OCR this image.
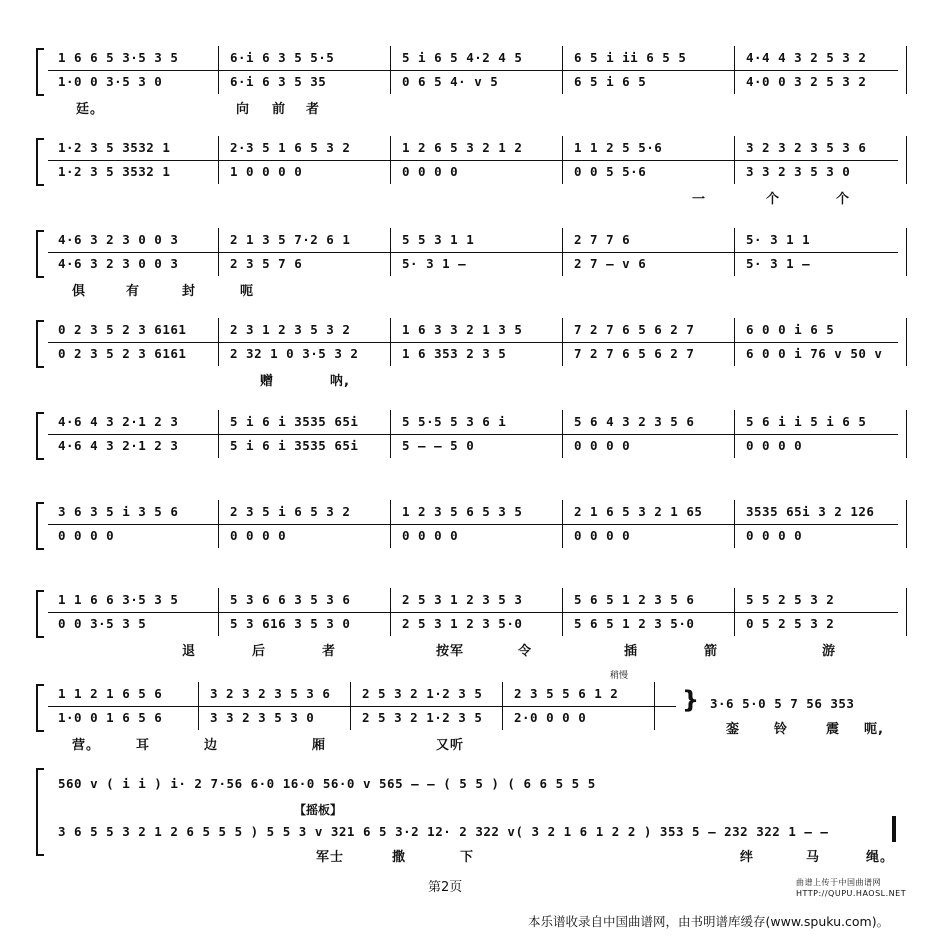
1 6 6 5 3·5 3 5	6·i 6 3 5 5·5	5 i 6 5 4·2 4 5	6 5 i ii 6 5 5	4·4 4 3 2 5 3 2
1·0 0 3·5 3 0	6·i 6 3 5 35	0 6 5 4· v 5	6 5 i 6 5	4·0 0 3 2 5 3 2
廷。	向 前 者
1·2 3 5 3532 1	2·3 5 1 6 5 3 2	1 2 6 5 3 2 1 2	1 1 2 5 5·6	3 2 3 2 3 5 3 6
1·2 3 5 3532 1	1 0 0 0 0	0 0 0 0	0 0 5 5·6	3 3 2 3 5 3 0
一	个	个
4·6 3 2 3 0 0 3	2 1 3 5 7·2 6 1	5 5 3 1 1	2 7 7 6	5· 3 1 1
4·6 3 2 3 0 0 3	2 3 5 7 6	5· 3 1 —	2 7 — v 6	5· 3 1 —
俱	有	封	呃
0 2 3 5 2 3 6161	2 3 1 2 3 5 3 2	1 6 3 3 2 1 3 5	7 2 7 6 5 6 2 7	6 0 0 i 6 5
0 2 3 5 2 3 6161	2 32 1 0 3·5 3 2	1 6 353 2 3 5	7 2 7 6 5 6 2 7	6 0 0 i 76 v 50 v
赠	呐,
4·6 4 3 2·1 2 3	5 i 6 i 3535 65i	5 5·5 5 3 6 i	5 6 4 3 2 3 5 6	5 6 i i 5 i 6 5
4·6 4 3 2·1 2 3	5 i 6 i 3535 65i	5 — — 5 0	0 0 0 0	0 0 0 0
3 6 3 5 i 3 5 6	2 3 5 i 6 5 3 2	1 2 3 5 6 5 3 5	2 1 6 5 3 2 1 65	3535 65i 3 2 126
0 0 0 0	0 0 0 0	0 0 0 0	0 0 0 0	0 0 0 0
1 1 6 6 3·5 3 5	5 3 6 6 3 5 3 6	2 5 3 1 2 3 5 3	5 6 5 1 2 3 5 6	5 5 2 5 3 2
0 0 3·5 3 5	5 3 616 3 5 3 0	2 5 3 1 2 3 5·0	5 6 5 1 2 3 5·0	0 5 2 5 3 2
退	后	者	按军	令	插	箭	游
1 1 2 1 6 5 6	3 2 3 2 3 5 3 6	2 5 3 2 1·2 3 5	2 3 5 5 6 1 2
1·0 0 1 6 5 6	3 3 2 3 5 3 0	2 5 3 2 1·2 3 5	2·0 0 0 0
营。	耳	边	厢	又听
稍慢
} 3·6 5·0 5 7 56 353
銮	铃	震 呃,
560 v ( i i ) i· 2 7·56 6·0 16·0 56·0 v 565 — — ( 5 5 ) ( 6 6 5 5 5
【摇板】
3 6 5 5 3 2 1 2 6 5 5 5 ) 5 5 3 v 321 6 5 3·2 12· 2 322 v( 3 2 1 6 1 2 2 ) 353 5 — 232 322 1 — —
军士	撒	下	绊	马	绳。
第2页	曲谱上传于中国曲谱网
HTTP://QUPU.HAOSL.NET
本乐谱收录自中国曲谱网，由书明谱库缓存(www.spuku.com)。
